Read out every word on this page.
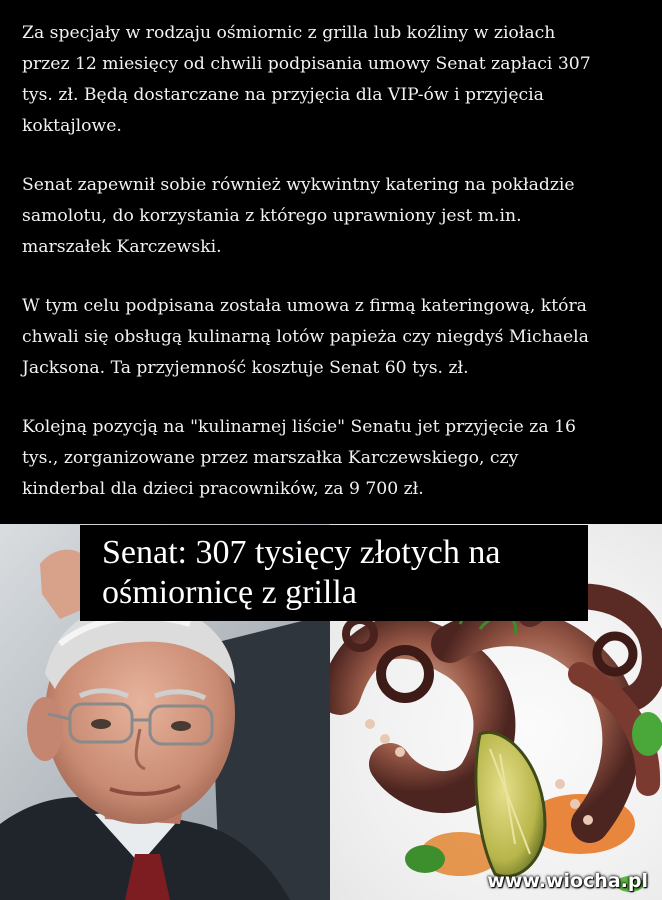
Za specjały w rodzaju ośmiornic z grilla lub koźliny w ziołach
przez 12 miesięcy od chwili podpisania umowy Senat zapłaci 307
tys. zł. Będą dostarczane na przyjęcia dla VIP-ów i przyjęcia
koktajlowe.

Senat zapewnił sobie również wykwintny katering na pokładzie
samolotu, do korzystania z którego uprawniony jest m.in.
marszałek Karczewski.

W tym celu podpisana została umowa z firmą kateringową, która
chwali się obsługą kulinarną lotów papieża czy niegdyś Michaela
Jacksona. Ta przyjemność kosztuje Senat 60 tys. zł.

Kolejną pozycją na "kulinarnej liście" Senatu jet przyjęcie za 16
tys., zorganizowane przez marszałka Karczewskiego, czy
kinderbal dla dzieci pracowników, za 9 700 zł.

Senat: 307 tysięcy złotych na
ośmiornicę z grilla
www.wiocha.pl
